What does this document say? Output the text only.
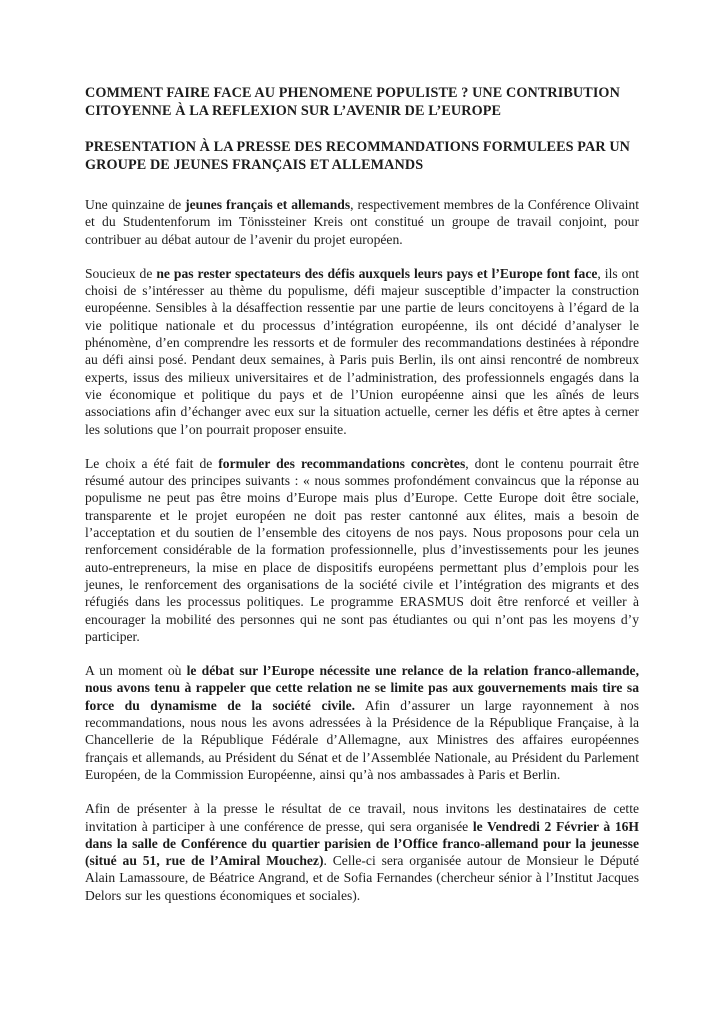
COMMENT FAIRE FACE AU PHENOMENE POPULISTE ? UNE CONTRIBUTION CITOYENNE À LA REFLEXION SUR L’AVENIR DE L’EUROPE
PRESENTATION À LA PRESSE DES RECOMMANDATIONS FORMULEES PAR UN GROUPE DE JEUNES FRANÇAIS ET ALLEMANDS

Une quinzaine de jeunes français et allemands, respectivement membres de la Conférence Olivaint et du Studentenforum im Tönissteiner Kreis ont constitué un groupe de travail conjoint, pour contribuer au débat autour de l’avenir du projet européen.

Soucieux de ne pas rester spectateurs des défis auxquels leurs pays et l’Europe font face, ils ont choisi de s’intéresser au thème du populisme, défi majeur susceptible d’impacter la construction européenne. Sensibles à la désaffection ressentie par une partie de leurs concitoyens à l’égard de la vie politique nationale et du processus d’intégration européenne, ils ont décidé d’analyser le phénomène, d’en comprendre les ressorts et de formuler des recommandations destinées à répondre au défi ainsi posé. Pendant deux semaines, à Paris puis Berlin, ils ont ainsi rencontré de nombreux experts, issus des milieux universitaires et de l’administration, des professionnels engagés dans la vie économique et politique du pays et de l’Union européenne ainsi que les aînés de leurs associations afin d’échanger avec eux sur la situation actuelle, cerner les défis et être aptes à cerner les solutions que l’on pourrait proposer ensuite.

Le choix a été fait de formuler des recommandations concrètes, dont le contenu pourrait être résumé autour des principes suivants : « nous sommes profondément convaincus que la réponse au populisme ne peut pas être moins d’Europe mais plus d’Europe. Cette Europe doit être sociale, transparente et le projet européen ne doit pas rester cantonné aux élites, mais a besoin de l’acceptation et du soutien de l’ensemble des citoyens de nos pays. Nous proposons pour cela un renforcement considérable de la formation professionnelle, plus d’investissements pour les jeunes auto-entrepreneurs, la mise en place de dispositifs européens permettant plus d’emplois pour les jeunes, le renforcement des organisations de la société civile et l’intégration des migrants et des réfugiés dans les processus politiques. Le programme ERASMUS doit être renforcé et veiller à encourager la mobilité des personnes qui ne sont pas étudiantes ou qui n’ont pas les moyens d’y participer.

A un moment où le débat sur l’Europe nécessite une relance de la relation franco-allemande, nous avons tenu à rappeler que cette relation ne se limite pas aux gouvernements mais tire sa force du dynamisme de la société civile. Afin d’assurer un large rayonnement à nos recommandations, nous nous les avons adressées à la Présidence de la République Française, à la Chancellerie de la République Fédérale d’Allemagne, aux Ministres des affaires européennes français et allemands, au Président du Sénat et de l’Assemblée Nationale, au Président du Parlement Européen, de la Commission Européenne, ainsi qu’à nos ambassades à Paris et Berlin.

Afin de présenter à la presse le résultat de ce travail, nous invitons les destinataires de cette invitation à participer à une conférence de presse, qui sera organisée le Vendredi 2 Février à 16H dans la salle de Conférence du quartier parisien de l’Office franco-allemand pour la jeunesse (situé au 51, rue de l’Amiral Mouchez). Celle-ci sera organisée autour de Monsieur le Député Alain Lamassoure, de Béatrice Angrand, et de Sofia Fernandes (chercheur sénior à l’Institut Jacques Delors sur les questions économiques et sociales).
